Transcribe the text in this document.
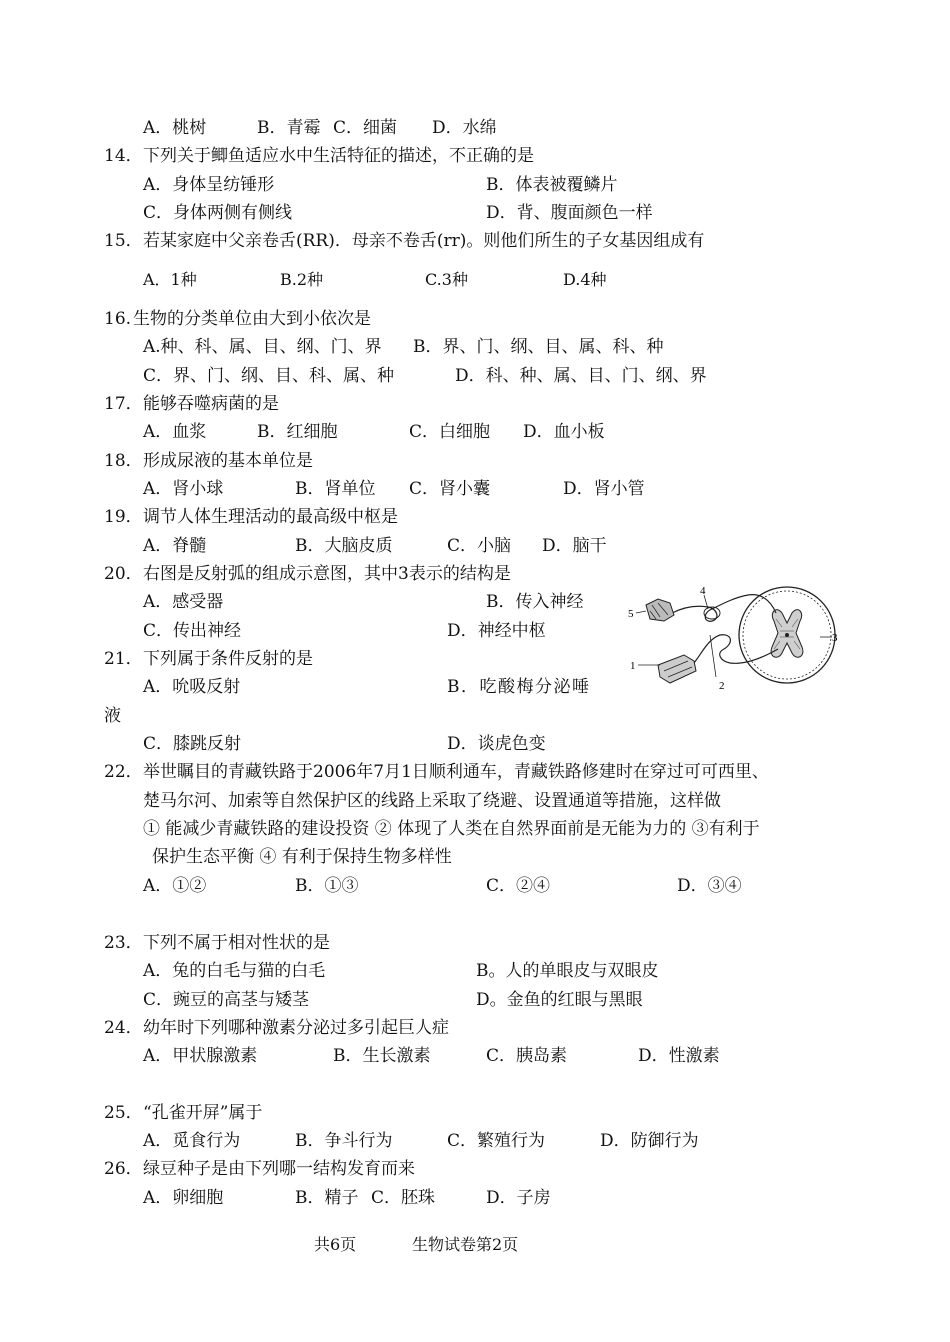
A．桃树	B．青霉 C．细菌 D．水绵
14． 下列关于鲫鱼适应水中生活特征的描述，不正确的是
A．身体呈纺锤形	B．体表被覆鳞片
C．身体两侧有侧线	D．背、腹面颜色一样
15． 若某家庭中父亲卷舌(RR)．母亲不卷舌(rr)。则他们所生的子女基因组成有
A．1种	B.2种	C.3种	D.4种
16. 生物的分类单位由大到小依次是
A.种、科、属、目、纲、门、界 B．界、门、纲、目、属、科、种
C．界、门、纲、目、科、属、种	D．科、种、属、目、门、纲、界
17． 能够吞噬病菌的是
A．血浆	B．红细胞	C．白细胞 D．血小板
18． 形成尿液的基本单位是
A．肾小球	B．肾单位 C．肾小囊	D．肾小管
19． 调节人体生理活动的最高级中枢是
A．脊髓	B．大脑皮质	C．小脑 D．脑干
20． 右图是反射弧的组成示意图，其中3表示的结构是
A．感受器	B．传入神经
C．传出神经	D．神经中枢
21． 下列属于条件反射的是
A．吮吸反射	B．吃酸梅分泌唾
液
C．膝跳反射	D．谈虎色变
22． 举世瞩目的青藏铁路于2006年7月1日顺利通车，青藏铁路修建时在穿过可可西里、
楚马尔河、加索等自然保护区的线路上采取了绕避、设置通道等措施，这样做
① 能减少青藏铁路的建设投资 ② 体现了人类在自然界面前是无能为力的 ③有利于
保护生态平衡 ④ 有利于保持生物多样性
A．①②	B．①③	C．②④	D．③④
23． 下列不属于相对性状的是
A．兔的白毛与猫的白毛	B。人的单眼皮与双眼皮
C．豌豆的高茎与矮茎	D。金鱼的红眼与黑眼
24． 幼年时下列哪种激素分泌过多引起巨人症
A．甲状腺激素	B．生长激素	C．胰岛素	D．性激素
25． “孔雀开屏”属于
A．觅食行为	B．争斗行为	C．繁殖行为	D．防御行为
26． 绿豆种子是由下列哪一结构发育而来
A．卵细胞	B．精子 C．胚珠	D．子房
1
2
3
4
5
共6页	生物试卷第2页
